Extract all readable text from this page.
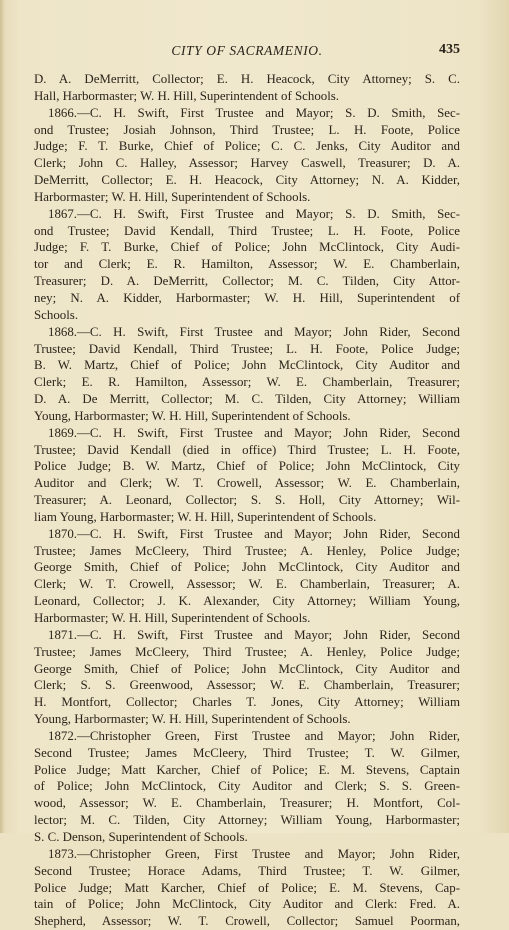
CITY OF SACRAMENIO.	435
D. A. DeMerritt, Collector; E. H. Heacock, City Attorney; S. C.
Hall, Harbormaster; W. H. Hill, Superintendent of Schools.
1866.—C. H. Swift, First Trustee and Mayor; S. D. Smith, Sec-
ond Trustee; Josiah Johnson, Third Trustee; L. H. Foote, Police
Judge; F. T. Burke, Chief of Police; C. C. Jenks, City Auditor and
Clerk; John C. Halley, Assessor; Harvey Caswell, Treasurer; D. A.
DeMerritt, Collector; E. H. Heacock, City Attorney; N. A. Kidder,
Harbormaster; W. H. Hill, Superintendent of Schools.
1867.—C. H. Swift, First Trustee and Mayor; S. D. Smith, Sec-
ond Trustee; David Kendall, Third Trustee; L. H. Foote, Police
Judge; F. T. Burke, Chief of Police; John McClintock, City Audi-
tor and Clerk; E. R. Hamilton, Assessor; W. E. Chamberlain,
Treasurer; D. A. DeMerritt, Collector; M. C. Tilden, City Attor-
ney; N. A. Kidder, Harbormaster; W. H. Hill, Superintendent of
Schools.
1868.—C. H. Swift, First Trustee and Mayor; John Rider, Second
Trustee; David Kendall, Third Trustee; L. H. Foote, Police Judge;
B. W. Martz, Chief of Police; John McClintock, City Auditor and
Clerk; E. R. Hamilton, Assessor; W. E. Chamberlain, Treasurer;
D. A. De Merritt, Collector; M. C. Tilden, City Attorney; William
Young, Harbormaster; W. H. Hill, Superintendent of Schools.
1869.—C. H. Swift, First Trustee and Mayor; John Rider, Second
Trustee; David Kendall (died in office) Third Trustee; L. H. Foote,
Police Judge; B. W. Martz, Chief of Police; John McClintock, City
Auditor and Clerk; W. T. Crowell, Assessor; W. E. Chamberlain,
Treasurer; A. Leonard, Collector; S. S. Holl, City Attorney; Wil-
liam Young, Harbormaster; W. H. Hill, Superintendent of Schools.
1870.—C. H. Swift, First Trustee and Mayor; John Rider, Second
Trustee; James McCleery, Third Trustee; A. Henley, Police Judge;
George Smith, Chief of Police; John McClintock, City Auditor and
Clerk; W. T. Crowell, Assessor; W. E. Chamberlain, Treasurer; A.
Leonard, Collector; J. K. Alexander, City Attorney; William Young,
Harbormaster; W. H. Hill, Superintendent of Schools.
1871.—C. H. Swift, First Trustee and Mayor; John Rider, Second
Trustee; James McCleery, Third Trustee; A. Henley, Police Judge;
George Smith, Chief of Police; John McClintock, City Auditor and
Clerk; S. S. Greenwood, Assessor; W. E. Chamberlain, Treasurer;
H. Montfort, Collector; Charles T. Jones, City Attorney; William
Young, Harbormaster; W. H. Hill, Superintendent of Schools.
1872.—Christopher Green, First Trustee and Mayor; John Rider,
Second Trustee; James McCleery, Third Trustee; T. W. Gilmer,
Police Judge; Matt Karcher, Chief of Police; E. M. Stevens, Captain
of Police; John McClintock, City Auditor and Clerk; S. S. Green-
wood, Assessor; W. E. Chamberlain, Treasurer; H. Montfort, Col-
lector; M. C. Tilden, City Attorney; William Young, Harbormaster;
S. C. Denson, Superintendent of Schools.
1873.—Christopher Green, First Trustee and Mayor; John Rider,
Second Trustee; Horace Adams, Third Trustee; T. W. Gilmer,
Police Judge; Matt Karcher, Chief of Police; E. M. Stevens, Cap-
tain of Police; John McClintock, City Auditor and Clerk: Fred. A.
Shepherd, Assessor; W. T. Crowell, Collector; Samuel Poorman,
